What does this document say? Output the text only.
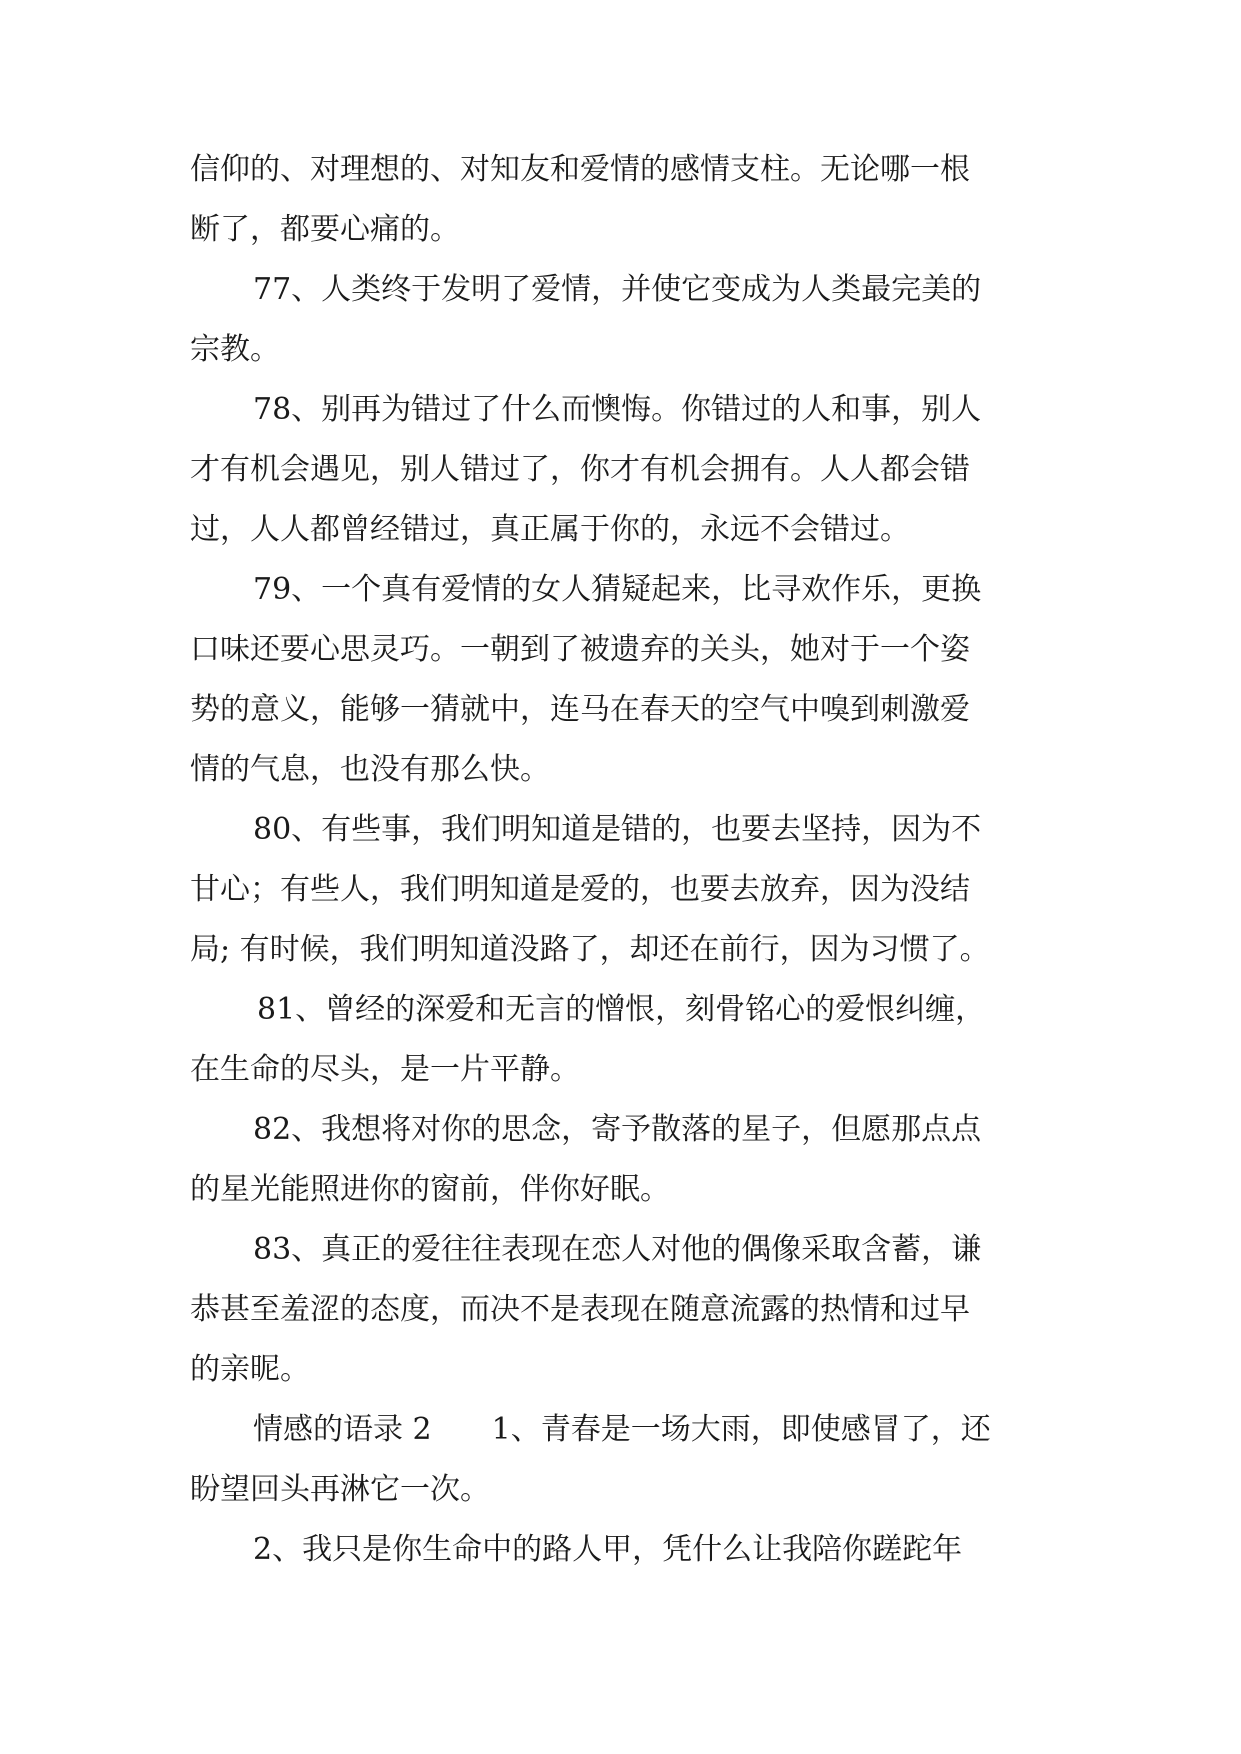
信仰的、对理想的、对知友和爱情的感情支柱。无论哪一根
断了，都要心痛的。
77、人类终于发明了爱情，并使它变成为人类最完美的
宗教。
78、别再为错过了什么而懊悔。你错过的人和事，别人
才有机会遇见，别人错过了，你才有机会拥有。人人都会错
过，人人都曾经错过，真正属于你的，永远不会错过。
79、一个真有爱情的女人猜疑起来，比寻欢作乐，更换
口味还要心思灵巧。一朝到了被遗弃的关头，她对于一个姿
势的意义，能够一猜就中，连马在春天的空气中嗅到刺激爱
情的气息，也没有那么快。
80、有些事，我们明知道是错的，也要去坚持，因为不
甘心；有些人，我们明知道是爱的，也要去放弃，因为没结
局; 有时候，我们明知道没路了，却还在前行，因为习惯了。
81、曾经的深爱和无言的憎恨，刻骨铭心的爱恨纠缠，
在生命的尽头，是一片平静。
82、我想将对你的思念，寄予散落的星子，但愿那点点
的星光能照进你的窗前，伴你好眠。
83、真正的爱往往表现在恋人对他的偶像采取含蓄，谦
恭甚至羞涩的态度，而决不是表现在随意流露的热情和过早
的亲昵。
情感的语录 2　　1、青春是一场大雨，即使感冒了，还
盼望回头再淋它一次。
2、我只是你生命中的路人甲，凭什么让我陪你蹉跎年
